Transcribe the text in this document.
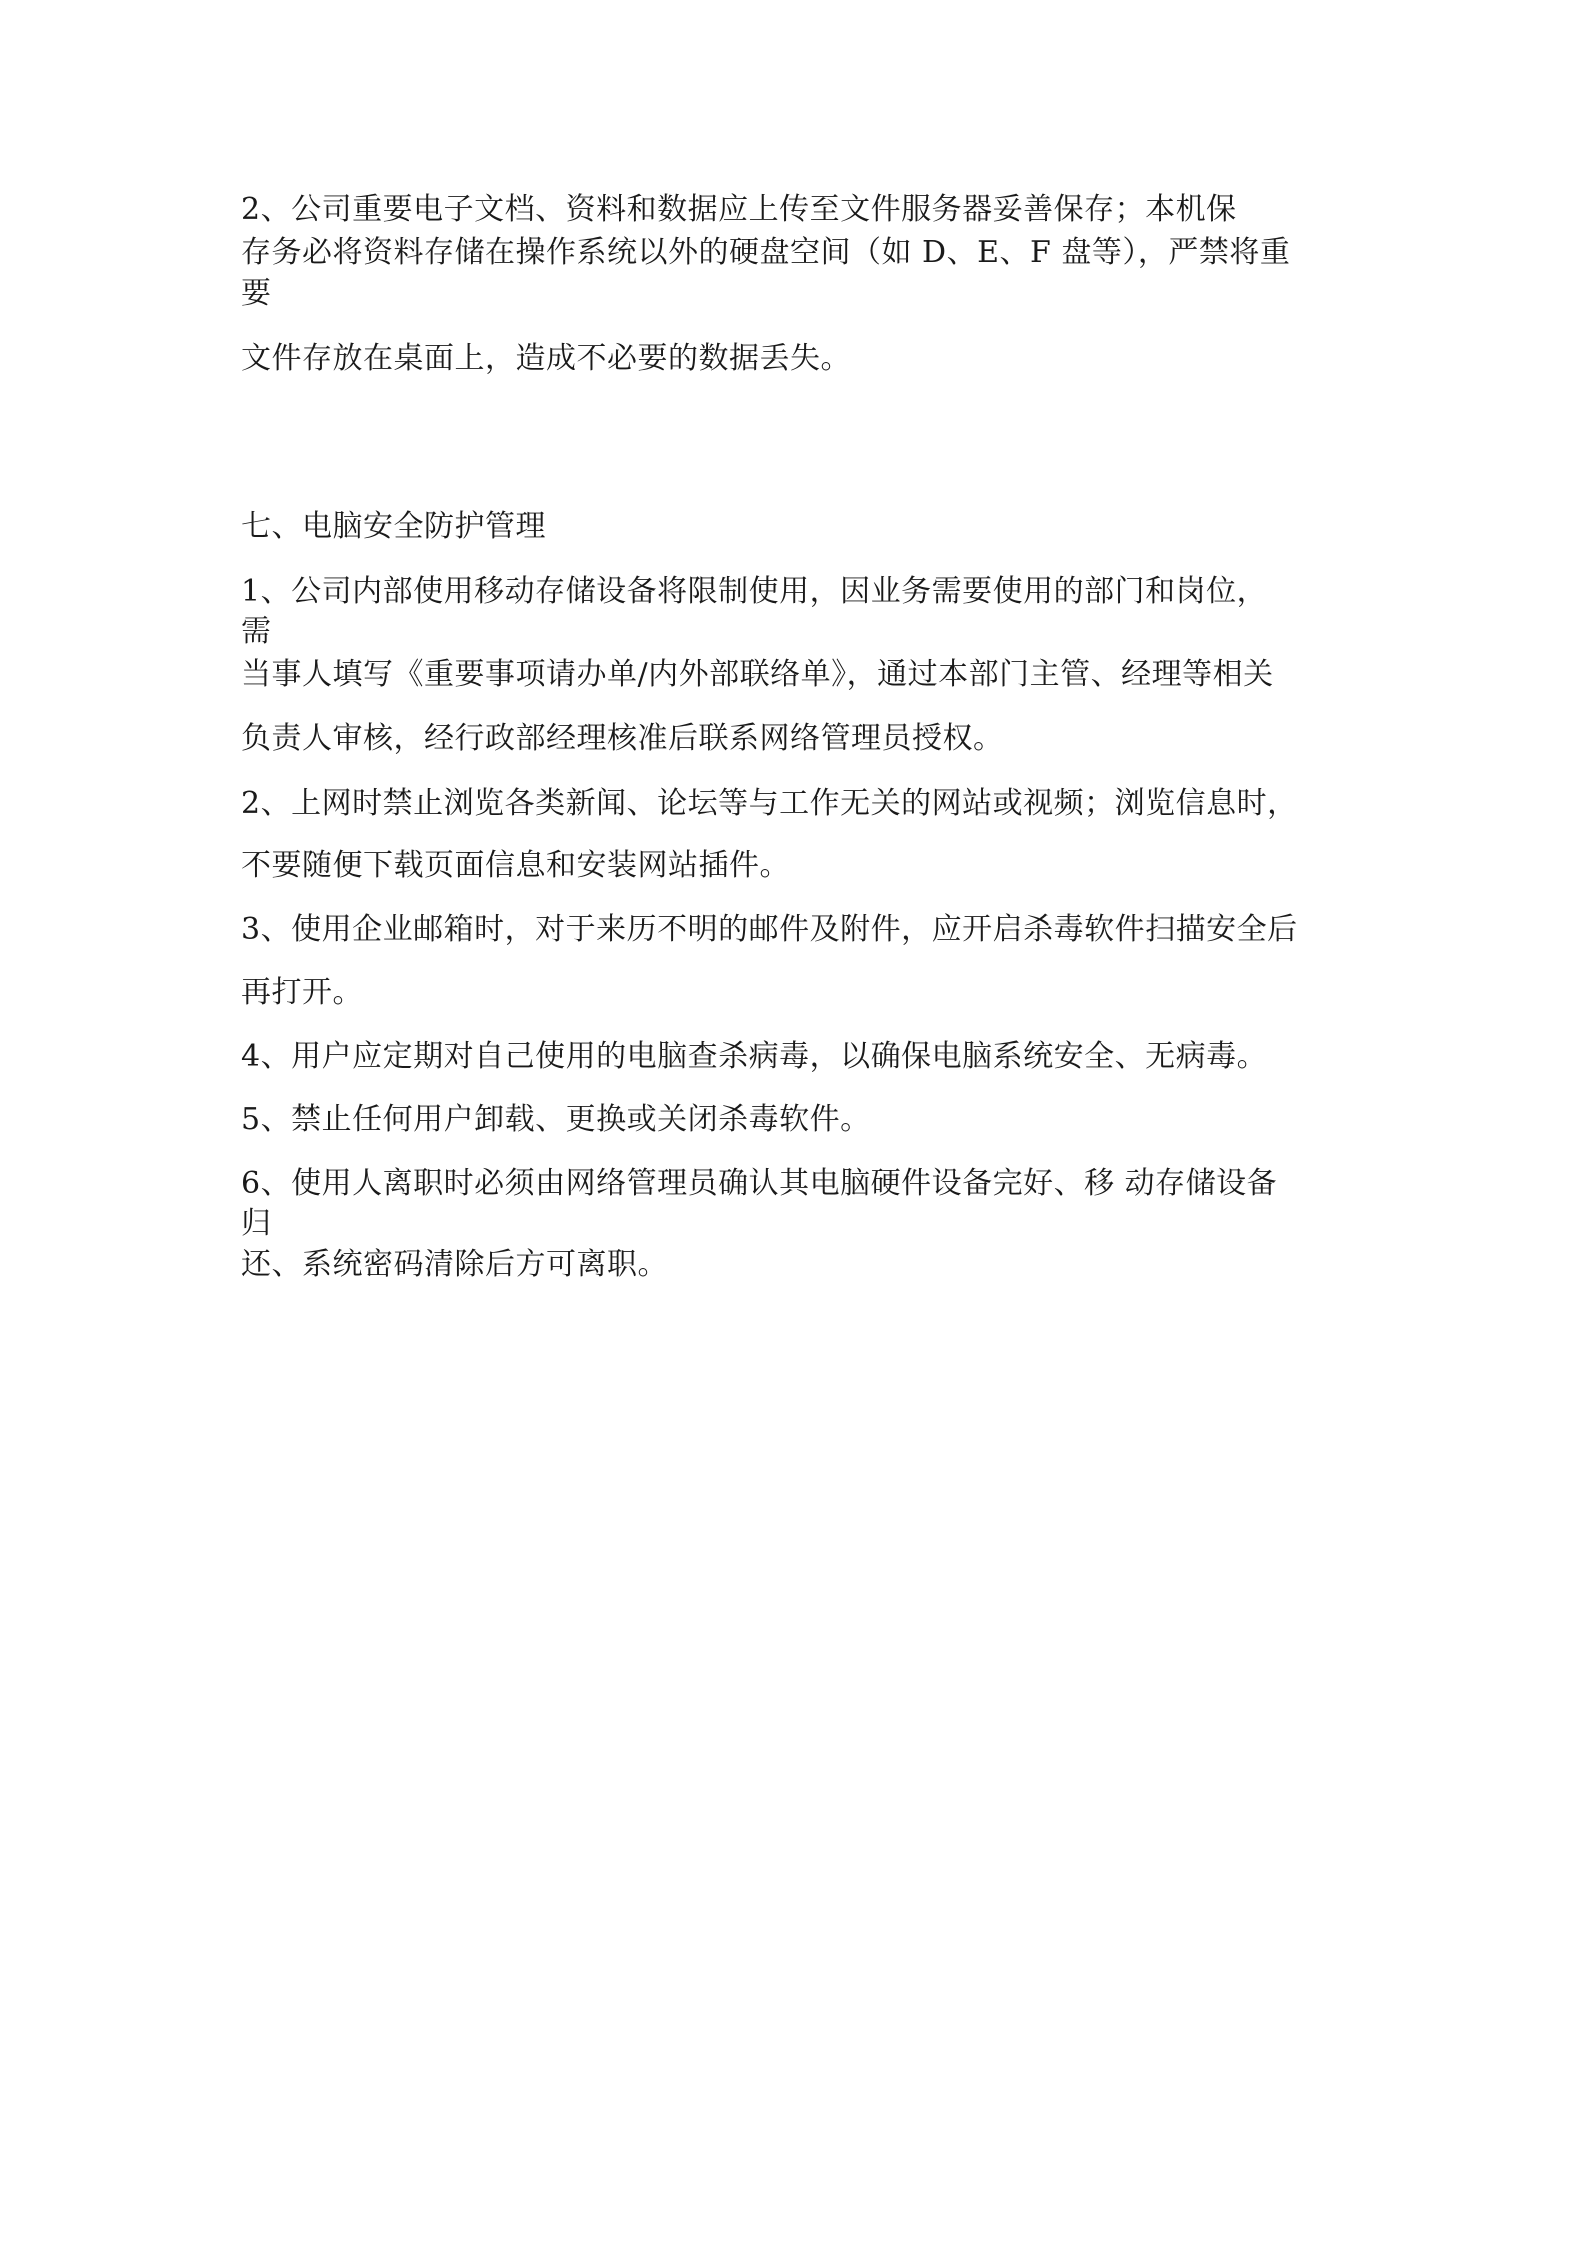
2、公司重要电子文档、资料和数据应上传至文件服务器妥善保存；本机保
存务必将资料存储在操作系统以外的硬盘空间（如 D、E、F 盘等），严禁将重
要
文件存放在桌面上，造成不必要的数据丢失。
七、电脑安全防护管理
1、公司内部使用移动存储设备将限制使用，因业务需要使用的部门和岗位，
需
当事人填写《重要事项请办单/内外部联络单》，通过本部门主管、经理等相关
负责人审核，经行政部经理核准后联系网络管理员授权。
2、上网时禁止浏览各类新闻、论坛等与工作无关的网站或视频；浏览信息时，
不要随便下载页面信息和安装网站插件。
3、使用企业邮箱时，对于来历不明的邮件及附件，应开启杀毒软件扫描安全后
再打开。
4、用户应定期对自己使用的电脑查杀病毒，以确保电脑系统安全、无病毒。
5、禁止任何用户卸载、更换或关闭杀毒软件。
6、使用人离职时必须由网络管理员确认其电脑硬件设备完好、移 动存储设备
归
还、系统密码清除后方可离职。
